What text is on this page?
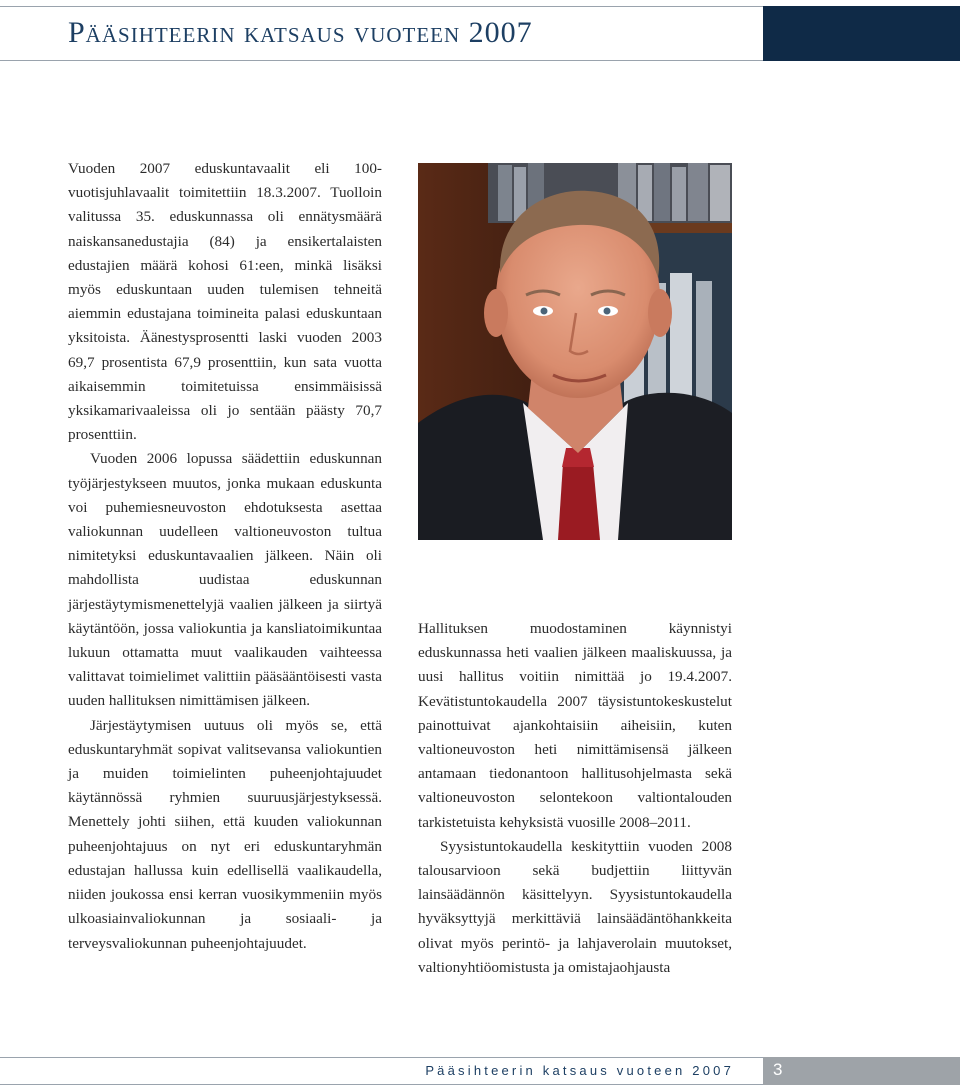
Pääsihteerin katsaus vuoteen 2007

Vuoden 2007 eduskuntavaalit eli 100-vuotisjuhlavaalit toimitettiin 18.3.2007. Tuolloin valitussa 35. eduskunnassa oli ennätysmäärä naiskansanedustajia (84) ja ensikertalaisten edustajien määrä kohosi 61:een, minkä lisäksi myös eduskuntaan uuden tulemisen tehneitä aiemmin edustajana toimineita palasi eduskuntaan yksitoista. Äänestysprosentti laski vuoden 2003 69,7 prosentista 67,9 prosenttiin, kun sata vuotta aikaisemmin toimitetuissa ensimmäisissä yksikamarivaaleissa oli jo sentään päästy 70,7 prosenttiin.

Vuoden 2006 lopussa säädettiin eduskunnan työjärjestykseen muutos, jonka mukaan eduskunta voi puhemiesneuvoston ehdotuksesta asettaa valiokunnan uudelleen valtioneuvoston tultua nimitetyksi eduskuntavaalien jälkeen. Näin oli mahdollista uudistaa eduskunnan järjestäytymismenettelyjä vaalien jälkeen ja siirtyä käytäntöön, jossa valiokuntia ja kansliatoimikuntaa lukuun ottamatta muut vaalikauden vaihteessa valittavat toimielimet valittiin pääsääntöisesti vasta uuden hallituksen nimittämisen jälkeen.

Järjestäytymisen uutuus oli myös se, että eduskuntaryhmät sopivat valitsevansa valiokuntien ja muiden toimielinten puheenjohtajuudet käytännössä ryhmien suuruusjärjestyksessä. Menettely johti siihen, että kuuden valiokunnan puheenjohtajuus on nyt eri eduskuntaryhmän edustajan hallussa kuin edellisellä vaalikaudella, niiden joukossa ensi kerran vuosikymmeniin myös ulkoasiainvaliokunnan ja sosiaali- ja terveysvaliokunnan puheenjohtajuudet.

Hallituksen muodostaminen käynnistyi eduskunnassa heti vaalien jälkeen maaliskuussa, ja uusi hallitus voitiin nimittää jo 19.4.2007. Kevätistuntokaudella 2007 täysistuntokeskustelut painottuivat ajankohtaisiin aiheisiin, kuten valtioneuvoston heti nimittämisensä jälkeen antamaan tiedonantoon hallitusohjelmasta sekä valtioneuvoston selontekoon valtiontalouden tarkistetuista kehyksistä vuosille 2008–2011.

Syysistuntokaudella keskityttiin vuoden 2008 talousarvioon sekä budjettiin liittyvän lainsäädännön käsittelyyn. Syysistuntokaudella hyväksyttyjä merkittäviä lainsäädäntöhankkeita olivat myös perintö- ja lahjaverolain muutokset, valtionyhtiöomistusta ja omistajaohjausta

Pääsihteerin katsaus vuoteen 2007 3
